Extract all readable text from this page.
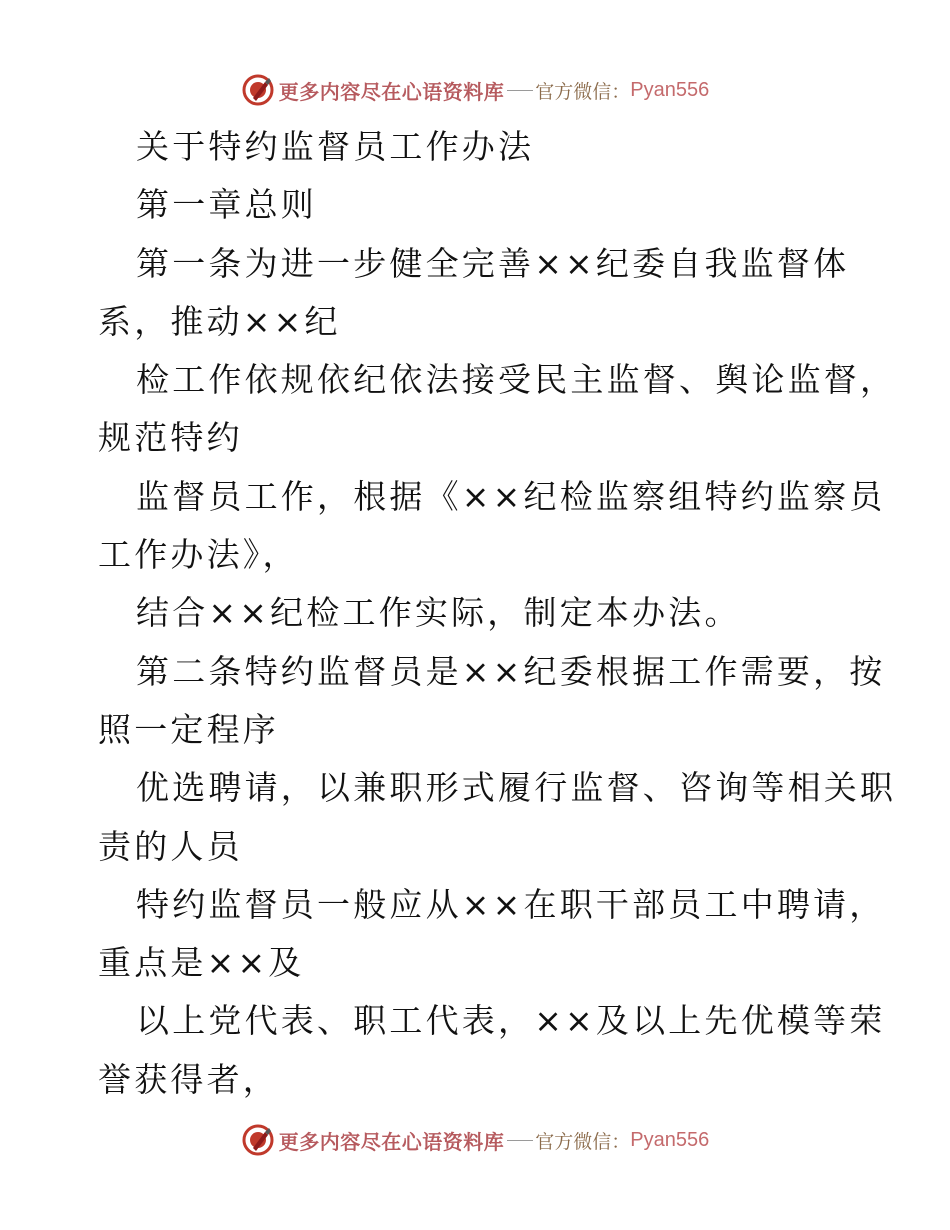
更多内容尽在心语资料库 官方微信： Pyan556
关于特约监督员工作办法
第一章总则
第一条为进一步健全完善××纪委自我监督体
系，推动××纪
检工作依规依纪依法接受民主监督、舆论监督，
规范特约
监督员工作，根据《××纪检监察组特约监察员
工作办法》，
结合××纪检工作实际，制定本办法。
第二条特约监督员是××纪委根据工作需要，按
照一定程序
优选聘请，以兼职形式履行监督、咨询等相关职
责的人员
特约监督员一般应从××在职干部员工中聘请，
重点是××及
以上党代表、职工代表，××及以上先优模等荣
誉获得者，
更多内容尽在心语资料库 官方微信： Pyan556
